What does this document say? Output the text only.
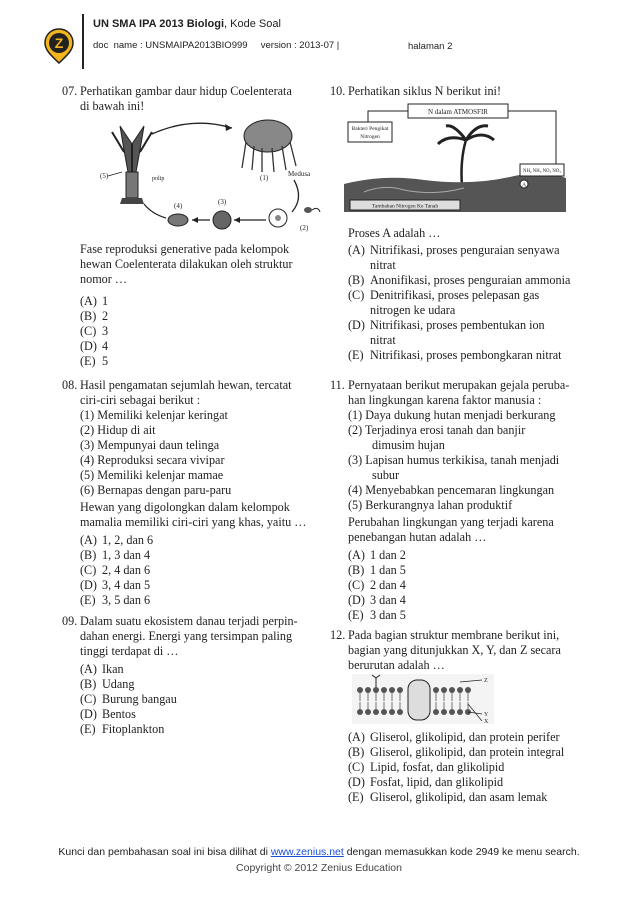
Z
UN SMA IPA 2013 Biologi, Kode Soal
doc  name : UNSMAIPA2013BIO999 version : 2013-07 |	halaman 2
07. Perhatikan gambar daur hidup Coelenterata
di bawah ini!
(5)	polip	(1)	Medusa
(2)
(3)
(4)
Fase reproduksi generative pada kelompok
hewan Coelenterata dilakukan oleh struktur
nomor …
(A) 1
(B) 2
(C) 3
(D) 4
(E) 5
08. Hasil pengamatan sejumlah hewan, tercatat
ciri-ciri sebagai berikut :
(1) Memiliki kelenjar keringat
(2) Hidup di ait
(3) Mempunyai daun telinga
(4) Reproduksi secara vivipar
(5) Memiliki kelenjar mamae
(6) Bernapas dengan paru-paru
Hewan yang digolongkan dalam kelompok
mamalia memiliki ciri-ciri yang khas, yaitu …
(A) 1, 2, dan 6
(B) 1, 3 dan 4
(C) 2, 4 dan 6
(D) 3, 4 dan 5
(E) 3, 5 dan 6
09. Dalam suatu ekosistem danau terjadi perpin-
dahan energi. Energi yang tersimpan paling
tinggi terdapat di …
(A) Ikan
(B) Udang
(C) Burung bangau
(D) Bentos
(E) Fitoplankton
10. Perhatikan siklus N berikut ini!
N dalam ATMOSFIR
Bakteri Pengikat
Nitrogen
NH₄ NH₃ NO₂ NO₃
A
Tambahan Nitrogen Ke Tanah
Proses A adalah …
(A) Nitrifikasi, proses penguraian senyawa
nitrat
(B) Anonifikasi, proses penguraian ammonia
(C) Denitrifikasi, proses pelepasan gas
nitrogen ke udara
(D) Nitrifikasi, proses pembentukan ion
nitrat
(E) Nitrifikasi, proses pembongkaran nitrat
11. Pernyataan berikut merupakan gejala peruba-
han lingkungan karena faktor manusia :
(1) Daya dukung hutan menjadi berkurang
(2) Terjadinya erosi tanah dan banjir
dimusim hujan
(3) Lapisan humus terkikisa, tanah menjadi
subur
(4) Menyebabkan pencemaran lingkungan
(5) Berkurangnya lahan produktif
Perubahan lingkungan yang terjadi karena
penebangan hutan adalah …
(A) 1 dan 2
(B) 1 dan 5
(C) 2 dan 4
(D) 3 dan 4
(E) 3 dan 5
12. Pada bagian struktur membrane berikut ini,
bagian yang ditunjukkan X, Y, dan Z secara
berurutan adalah …
Z
Y
X
(A) Gliserol, glikolipid, dan protein perifer
(B) Gliserol, glikolipid, dan protein integral
(C) Lipid, fosfat, dan glikolipid
(D) Fosfat, lipid, dan glikolipid
(E) Gliserol, glikolipid, dan asam lemak
Kunci dan pembahasan soal ini bisa dilihat di www.zenius.net dengan memasukkan kode 2949 ke menu search.
Copyright © 2012 Zenius Education
